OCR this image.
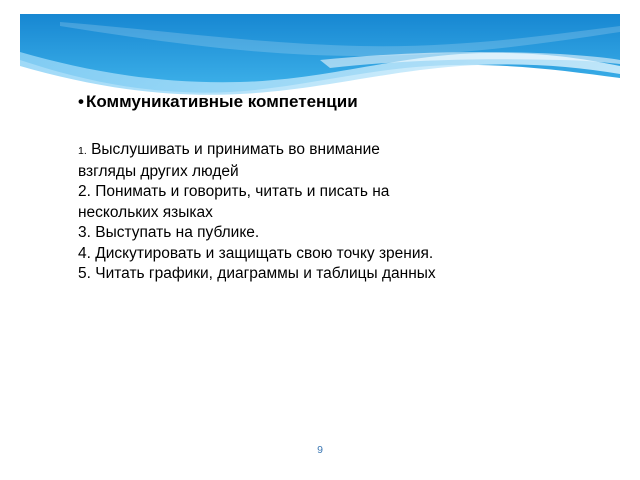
• Коммуникативные компетенции

1. Выслушивать и принимать во внимание взгляды других людей

2. Понимать и говорить, читать и писать на нескольких языках

3. Выступать на публике.

4. Дискутировать и защищать свою точку зрения.

5. Читать графики, диаграммы и таблицы данных

9
